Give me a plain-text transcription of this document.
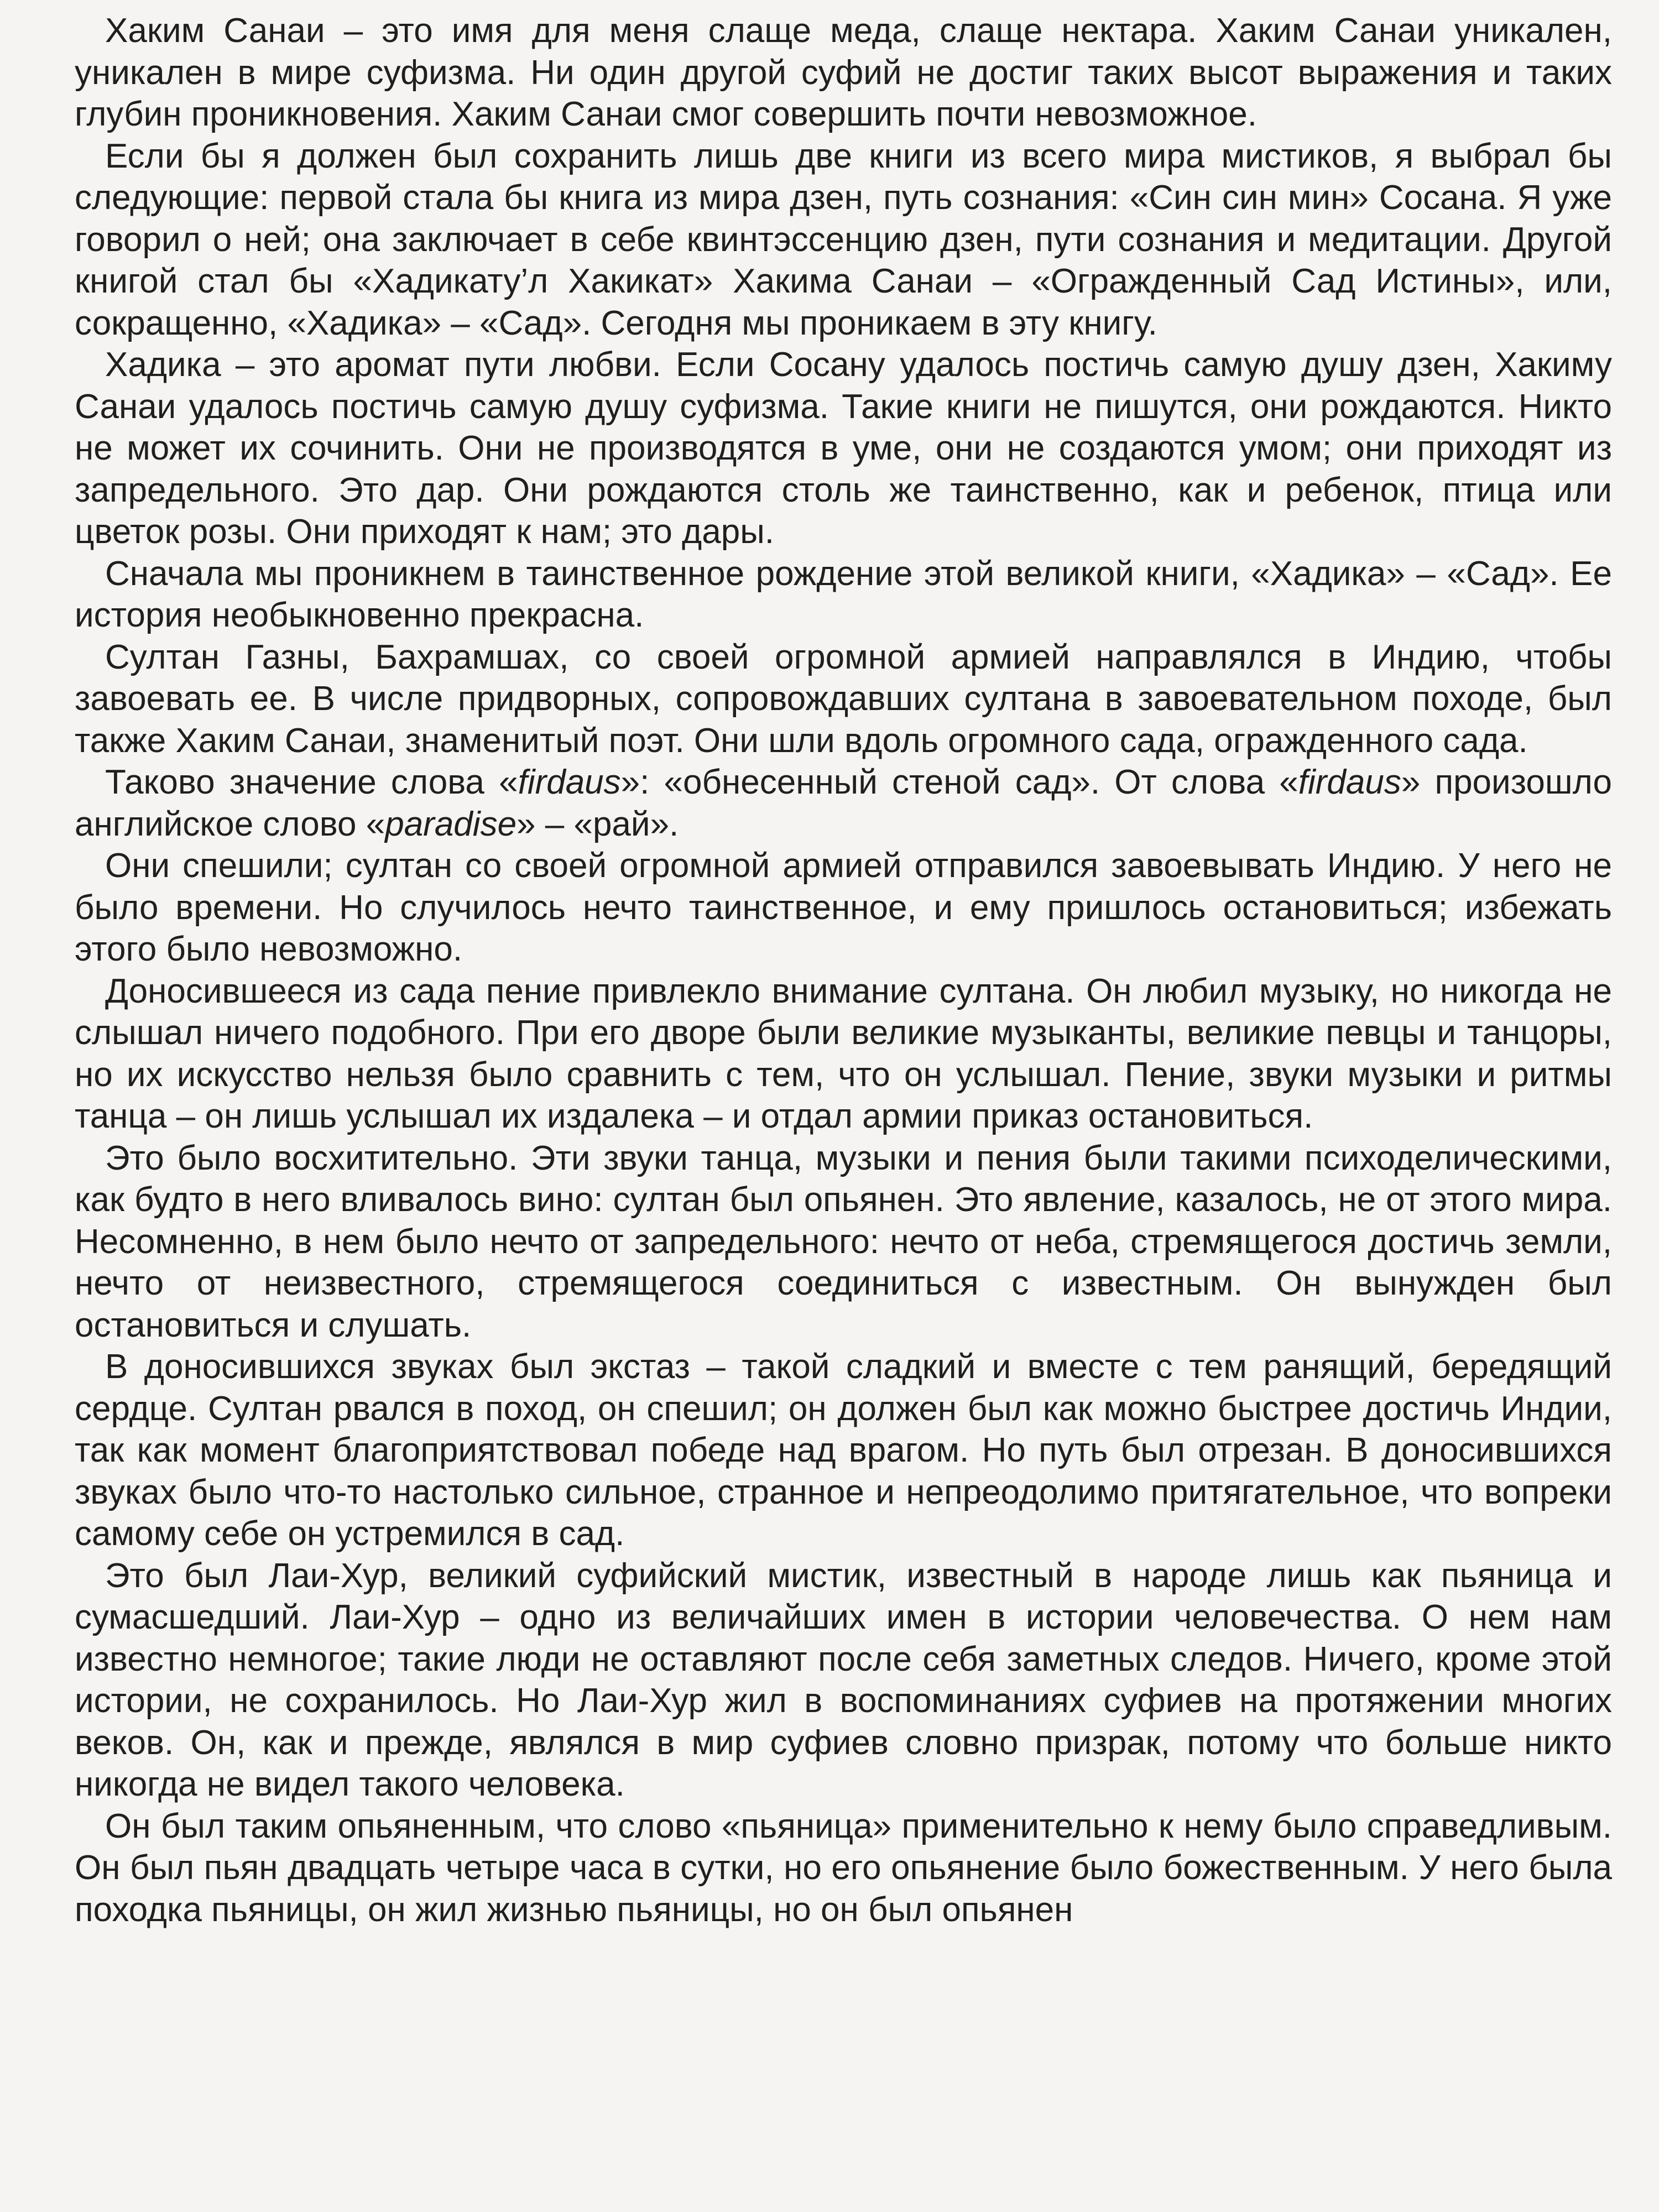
Хаким Санаи – это имя для меня слаще меда, слаще нектара. Хаким Санаи уникален, уникален в мире суфизма. Ни один другой суфий не достиг таких высот выражения и таких глубин проникновения. Хаким Санаи смог совершить почти невозможное.

Если бы я должен был сохранить лишь две книги из всего мира мистиков, я выбрал бы следующие: первой стала бы книга из мира дзен, путь сознания: «Син син мин» Сосана. Я уже говорил о ней; она заключает в себе квинтэссенцию дзен, пути сознания и медитации. Другой книгой стал бы «Хадикату’л Хакикат» Хакима Санаи – «Огражденный Сад Истины», или, сокращенно, «Хадика» – «Сад». Сегодня мы проникаем в эту книгу.

Хадика – это аромат пути любви. Если Сосану удалось постичь самую душу дзен, Хакиму Санаи удалось постичь самую душу суфизма. Такие книги не пишутся, они рождаются. Никто не может их сочинить. Они не производятся в уме, они не создаются умом; они приходят из запредельного. Это дар. Они рождаются столь же таинственно, как и ребенок, птица или цветок розы. Они приходят к нам; это дары.

Сначала мы проникнем в таинственное рождение этой великой книги, «Хадика» – «Сад». Ее история необыкновенно прекрасна.

Султан Газны, Бахрамшах, со своей огромной армией направлялся в Индию, чтобы завоевать ее. В числе придворных, сопровождавших султана в завоевательном походе, был также Хаким Санаи, знаменитый поэт. Они шли вдоль огромного сада, огражденного сада.

Таково значение слова «firdaus»: «обнесенный стеной сад». От слова «firdaus» произошло английское слово «paradise» – «рай».

Они спешили; султан со своей огромной армией отправился завоевывать Индию. У него не было времени. Но случилось нечто таинственное, и ему пришлось остановиться; избежать этого было невозможно.

Доносившееся из сада пение привлекло внимание султана. Он любил музыку, но никогда не слышал ничего подобного. При его дворе были великие музыканты, великие певцы и танцоры, но их искусство нельзя было сравнить с тем, что он услышал. Пение, звуки музыки и ритмы танца – он лишь услышал их издалека – и отдал армии приказ остановиться.

Это было восхитительно. Эти звуки танца, музыки и пения были такими психоделическими, как будто в него вливалось вино: султан был опьянен. Это явление, казалось, не от этого мира. Несомненно, в нем было нечто от запредельного: нечто от неба, стремящегося достичь земли, нечто от неизвестного, стремящегося соединиться с известным. Он вынужден был остановиться и слушать.

В доносившихся звуках был экстаз – такой сладкий и вместе с тем ранящий, бередящий сердце. Султан рвался в поход, он спешил; он должен был как можно быстрее достичь Индии, так как момент благоприятствовал победе над врагом. Но путь был отрезан. В доносившихся звуках было что-то настолько сильное, странное и непреодолимо притягательное, что вопреки самому себе он устремился в сад.

Это был Лаи-Хур, великий суфийский мистик, известный в народе лишь как пьяница и сумасшедший. Лаи-Хур – одно из величайших имен в истории человечества. О нем нам известно немногое; такие люди не оставляют после себя заметных следов. Ничего, кроме этой истории, не сохранилось. Но Лаи-Хур жил в воспоминаниях суфиев на протяжении многих веков. Он, как и прежде, являлся в мир суфиев словно призрак, потому что больше никто никогда не видел такого человека.

Он был таким опьяненным, что слово «пьяница» применительно к нему было справедливым. Он был пьян двадцать четыре часа в сутки, но его опьянение было божественным. У него была походка пьяницы, он жил жизнью пьяницы, но он был опьянен
